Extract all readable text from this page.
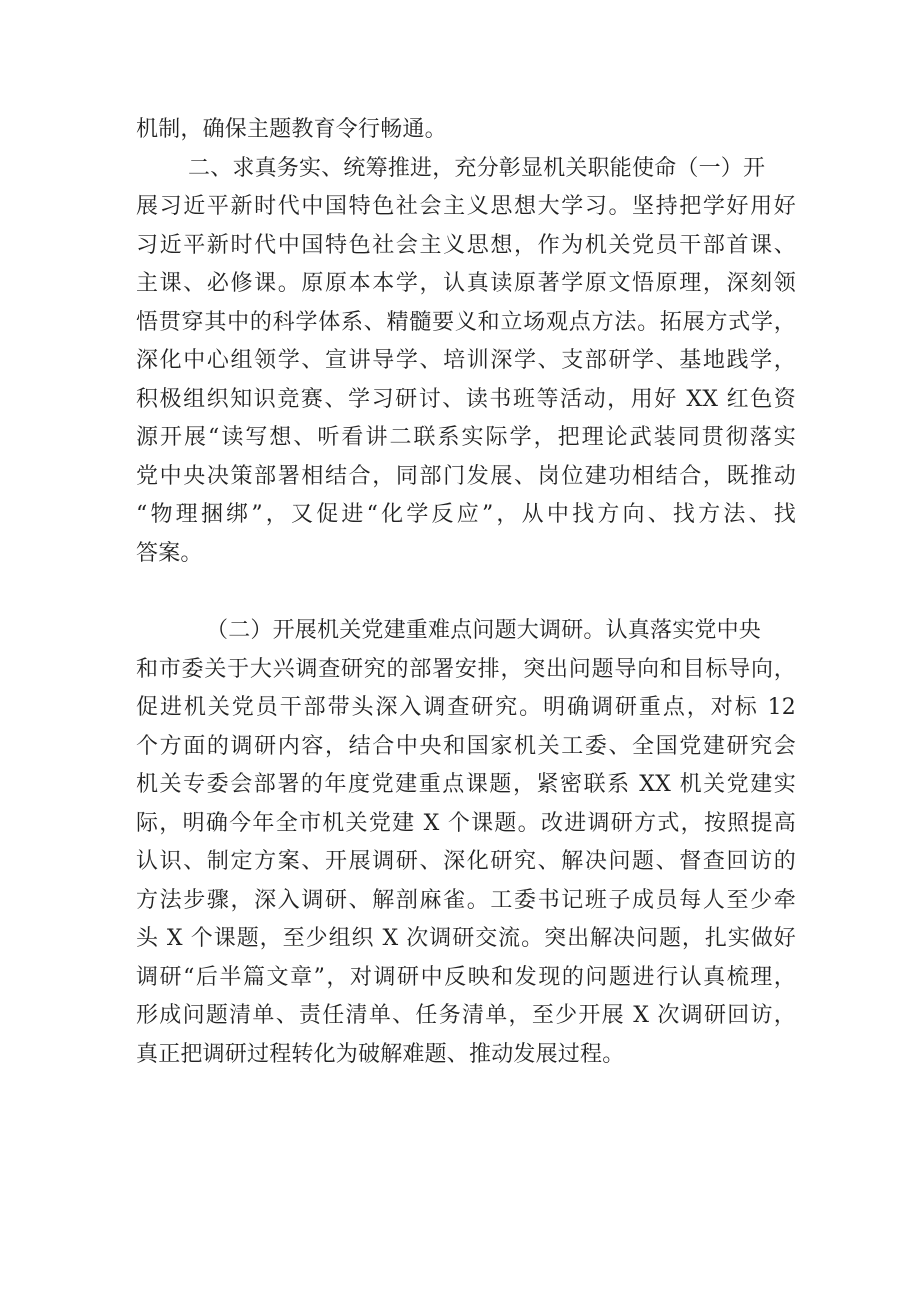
机制，确保主题教育令行畅通。
二、求真务实、统筹推进，充分彰显机关职能使命（一）开
展习近平新时代中国特色社会主义思想大学习。坚持把学好用好
习近平新时代中国特色社会主义思想，作为机关党员干部首课、
主课、必修课。原原本本学，认真读原著学原文悟原理，深刻领
悟贯穿其中的科学体系、精髓要义和立场观点方法。拓展方式学，
深化中心组领学、宣讲导学、培训深学、支部研学、基地践学，
积极组织知识竞赛、学习研讨、读书班等活动，用好 XX 红色资
源开展“读写想、听看讲二联系实际学，把理论武装同贯彻落实
党中央决策部署相结合，同部门发展、岗位建功相结合，既推动
“物理捆绑”，又促进“化学反应”，从中找方向、找方法、找
答案。
（二）开展机关党建重难点问题大调研。认真落实党中央
和市委关于大兴调查研究的部署安排，突出问题导向和目标导向，
促进机关党员干部带头深入调查研究。明确调研重点，对标 12
个方面的调研内容，结合中央和国家机关工委、全国党建研究会
机关专委会部署的年度党建重点课题，紧密联系 XX 机关党建实
际，明确今年全市机关党建 X 个课题。改进调研方式，按照提高
认识、制定方案、开展调研、深化研究、解决问题、督查回访的
方法步骤，深入调研、解剖麻雀。工委书记班子成员每人至少牵
头 X 个课题，至少组织 X 次调研交流。突出解决问题，扎实做好
调研“后半篇文章”，对调研中反映和发现的问题进行认真梳理，
形成问题清单、责任清单、任务清单，至少开展 X 次调研回访，
真正把调研过程转化为破解难题、推动发展过程。
